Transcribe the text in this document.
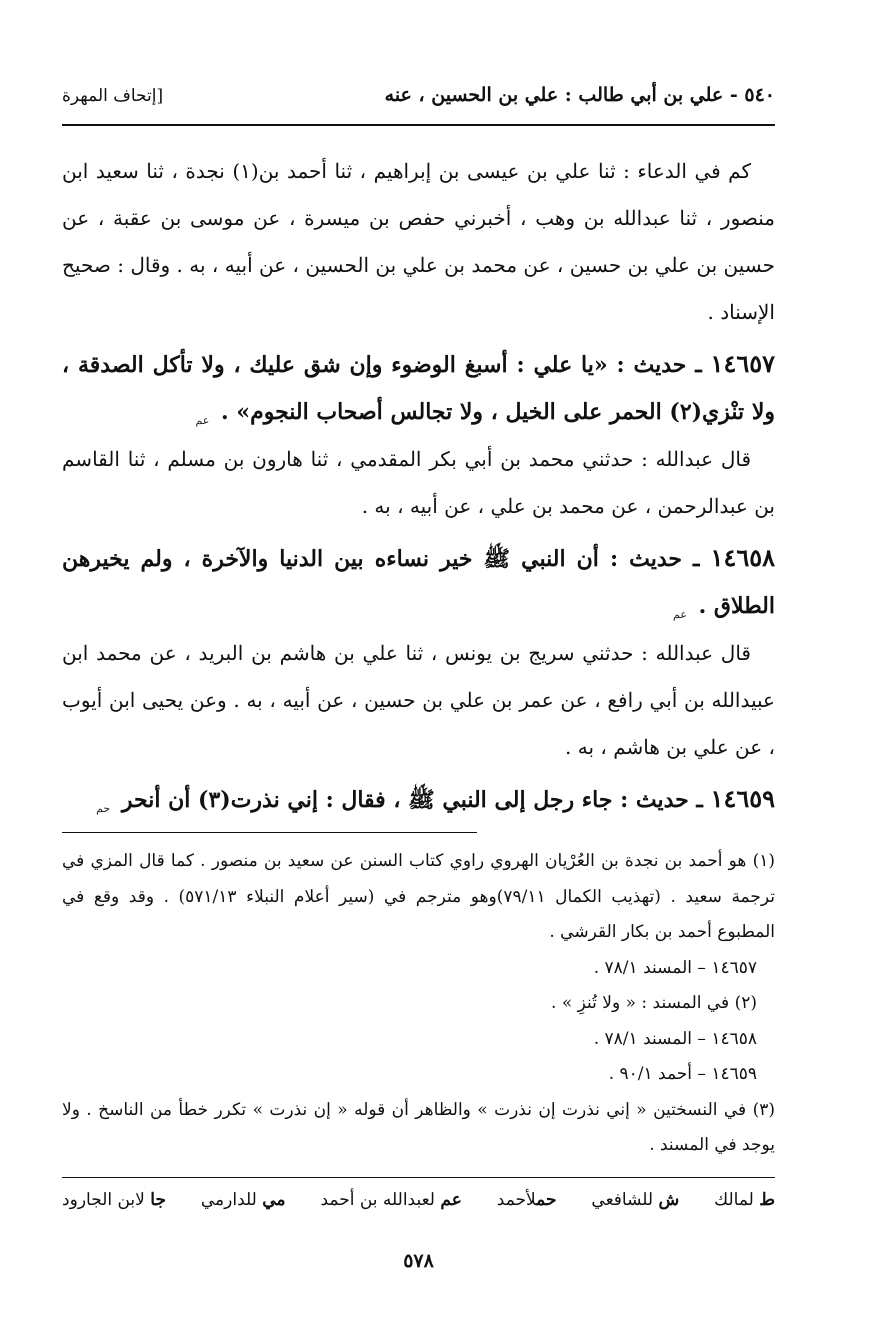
٥٤٠ - علي بن أبي طالب : علي بن الحسين ، عنه
[إتحاف المهرة

كم في الدعاء : ثنا علي بن عيسى بن إبراهيم ، ثنا أحمد بن(١) نجدة ، ثنا سعيد ابن منصور ، ثنا عبدالله بن وهب ، أخبرني حفص بن ميسرة ، عن موسى بن عقبة ، عن حسين بن علي بن حسين ، عن محمد بن علي بن الحسين ، عن أبيه ، به . وقال : صحيح الإسناد .

١٤٦٥٧ ـ حديث : «يا علي : أسبغ الوضوء وإن شق عليك ، ولا تأكل الصدقة ، ولا تنْزي(٢) الحمر على الخيل ، ولا تجالس أصحاب النجوم» . $_{عم}$

قال عبدالله : حدثني محمد بن أبي بكر المقدمي ، ثنا هارون بن مسلم ، ثنا القاسم بن عبدالرحمن ، عن محمد بن علي ، عن أبيه ، به .

١٤٦٥٨ ـ حديث : أن النبي ﷺ خير نساءه بين الدنيا والآخرة ، ولم يخيرهن الطلاق . $_{عم}$

قال عبدالله : حدثني سريج بن يونس ، ثنا علي بن هاشم بن البريد ، عن محمد ابن عبيدالله بن أبي رافع ، عن عمر بن علي بن حسين ، عن أبيه ، به . وعن يحيى ابن أيوب ، عن علي بن هاشم ، به .

١٤٦٥٩ ـ حديث : جاء رجل إلى النبي ﷺ ، فقال : إني نذرت(٣) أن أنحر $_{حم}$

(١) هو أحمد بن نجدة بن العُرْيان الهروي راوي كتاب السنن عن سعيد بن منصور . كما قال المزي في ترجمة سعيد . (تهذيب الكمال ٧٩/١١)وهو مترجم في (سير أعلام النبلاء ٥٧١/١٣) . وقد وقع في المطبوع أحمد بن بكار القرشي .

١٤٦٥٧ – المسند ٧٨/١ .

(٢) في المسند : « ولا تُنزِ » .

١٤٦٥٨ – المسند ٧٨/١ .

١٤٦٥٩ – أحمد ٩٠/١ .

(٣) في النسختين « إني نذرت إن نذرت » والظاهر أن قوله « إن نذرت » تكرر خطأ من الناسخ . ولا يوجد في المسند .

ط لمالك
ش للشافعي
حملأحمد
عم لعبدالله بن أحمد
مي للدارمي
جا لابن الجارود
٥٧٨
